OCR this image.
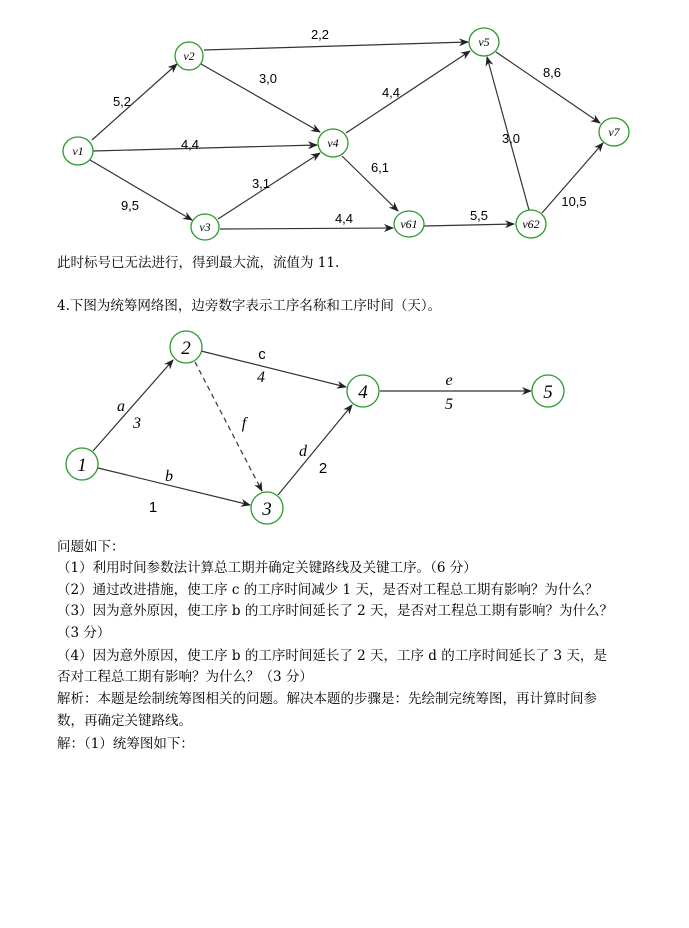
2,2
3,0
5,2
4,4
4,4
6,1
3,1
9,5
4,4	5,5
3,0
8,6
10,5
v1
v2
v3
v4
v5
v61	v62
v7
c
4
a
3	f
b
1
d
2
e
5
1
2
3
4	5
此时标号已无法进行，得到最大流，流值为 11.
4.下图为统筹网络图，边旁数字表示工序名称和工序时间（天）。
问题如下：
（1）利用时间参数法计算总工期并确定关键路线及关键工序。（6 分）
（2）通过改进措施，使工序 c 的工序时间减少 1 天，是否对工程总工期有影响？为什么？
（3）因为意外原因，使工序 b 的工序时间延长了 2 天，是否对工程总工期有影响？为什么？
（3 分）
（4）因为意外原因，使工序 b 的工序时间延长了 2 天，工序 d 的工序时间延长了 3 天，是
否对工程总工期有影响？为什么？（3 分）
解析：本题是绘制统筹图相关的问题。解决本题的步骤是：先绘制完统筹图，再计算时间参
数，再确定关键路线。
解：（1）统筹图如下：
